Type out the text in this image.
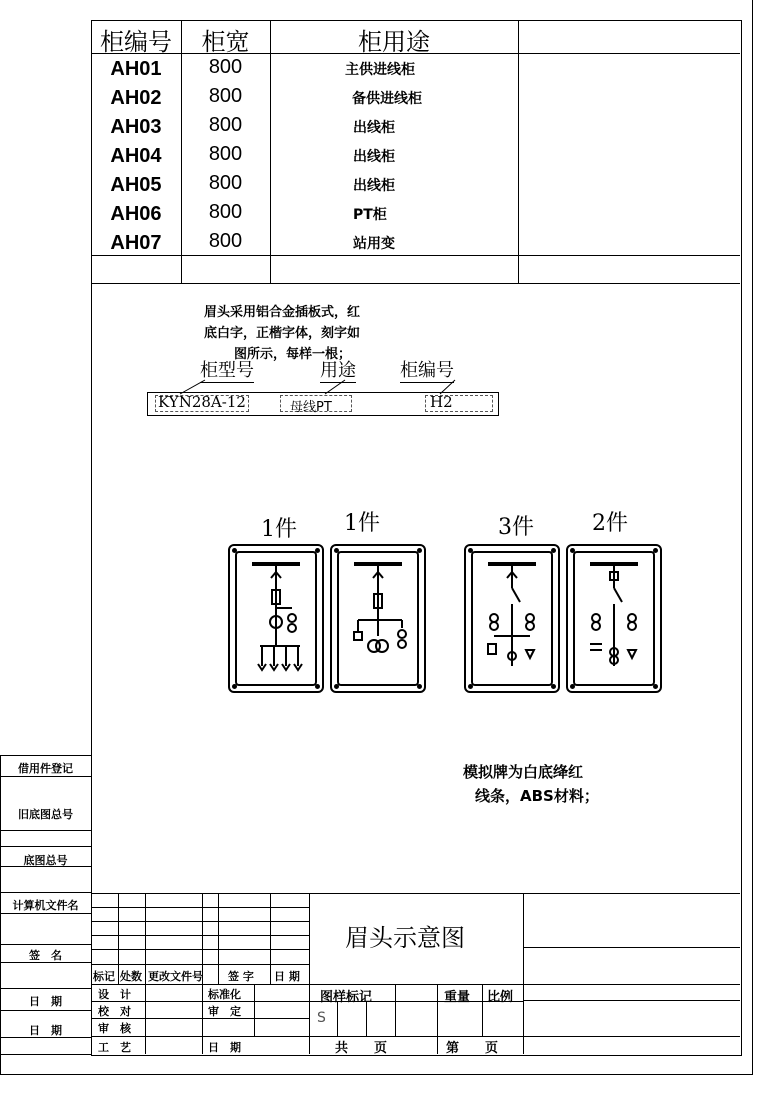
柜编号	柜宽	柜用途
AH01	800	主供进线柜
AH02	800	备供进线柜
AH03	800	出线柜
AH04	800	出线柜
AH05	800	出线柜
AH06	800	PT柜
AH07	800	站用变
眉头采用铝合金插板式，红
底白字，正楷字体，刻字如
图所示，每样一根；
柜型号	用途 柜编号
KYN28A-12	母线PT	H2
1件 1件	3件	2件
模拟牌为白底绛红
线条，ABS材料；
借用件登记
旧底图总号
底图总号
计算机文件名
签　名
日　期
日　期
眉头示意图
标记 处数 更改文件号 签 字 日 期
设　计
校　对
审　核
工　艺
标准化
审　定
日　期
图样标记	重量 比例
S
共　　页	第　　页
